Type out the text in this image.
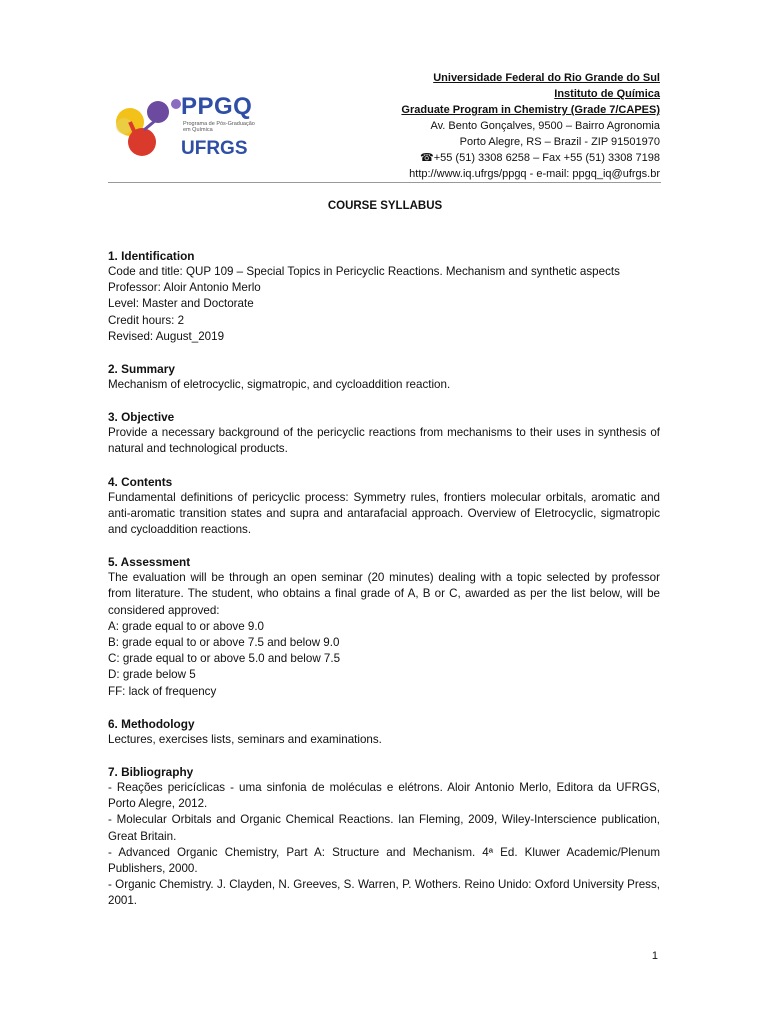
PPGQ
Programa de Pós-Graduação em Química
UFRGS
Universidade Federal do Rio Grande do Sul
Instituto de Química
Graduate Program in Chemistry (Grade 7/CAPES)
Av. Bento Gonçalves, 9500 – Bairro Agronomia
Porto Alegre, RS – Brazil - ZIP 91501970
☎+55 (51) 3308 6258 – Fax +55 (51) 3308 7198
http://www.iq.ufrgs/ppgq - e-mail: ppgq_iq@ufrgs.br
COURSE SYLLABUS
1. Identification

Code and title: QUP 109 – Special Topics in Pericyclic Reactions. Mechanism and synthetic aspects

Professor: Aloir Antonio Merlo

Level: Master and Doctorate

Credit hours: 2

Revised: August_2019

2. Summary

Mechanism of eletrocyclic, sigmatropic, and cycloaddition reaction.

3. Objective

Provide a necessary background of the pericyclic reactions from mechanisms to their uses in synthesis of natural and technological products.

4. Contents

Fundamental definitions of pericyclic process: Symmetry rules, frontiers molecular orbitals, aromatic and anti-aromatic transition states and supra and antarafacial approach. Overview of Eletrocyclic, sigmatropic and cycloaddition reactions.

5. Assessment

The evaluation will be through an open seminar (20 minutes) dealing with a topic selected by professor from literature. The student, who obtains a final grade of A, B or C, awarded as per the list below, will be considered approved:

A: grade equal to or above 9.0

B: grade equal to or above 7.5 and below 9.0

C: grade equal to or above 5.0 and below 7.5

D: grade below 5

FF: lack of frequency

6. Methodology

Lectures, exercises lists, seminars and examinations.

7. Bibliography

- Reações pericíclicas - uma sinfonia de moléculas e elétrons. Aloir Antonio Merlo, Editora da UFRGS, Porto Alegre, 2012.

- Molecular Orbitals and Organic Chemical Reactions. Ian Fleming, 2009, Wiley-Interscience publication, Great Britain.

- Advanced Organic Chemistry, Part A: Structure and Mechanism. 4ª Ed. Kluwer Academic/Plenum Publishers, 2000.

- Organic Chemistry. J. Clayden, N. Greeves, S. Warren, P. Wothers. Reino Unido: Oxford University Press, 2001.

1
